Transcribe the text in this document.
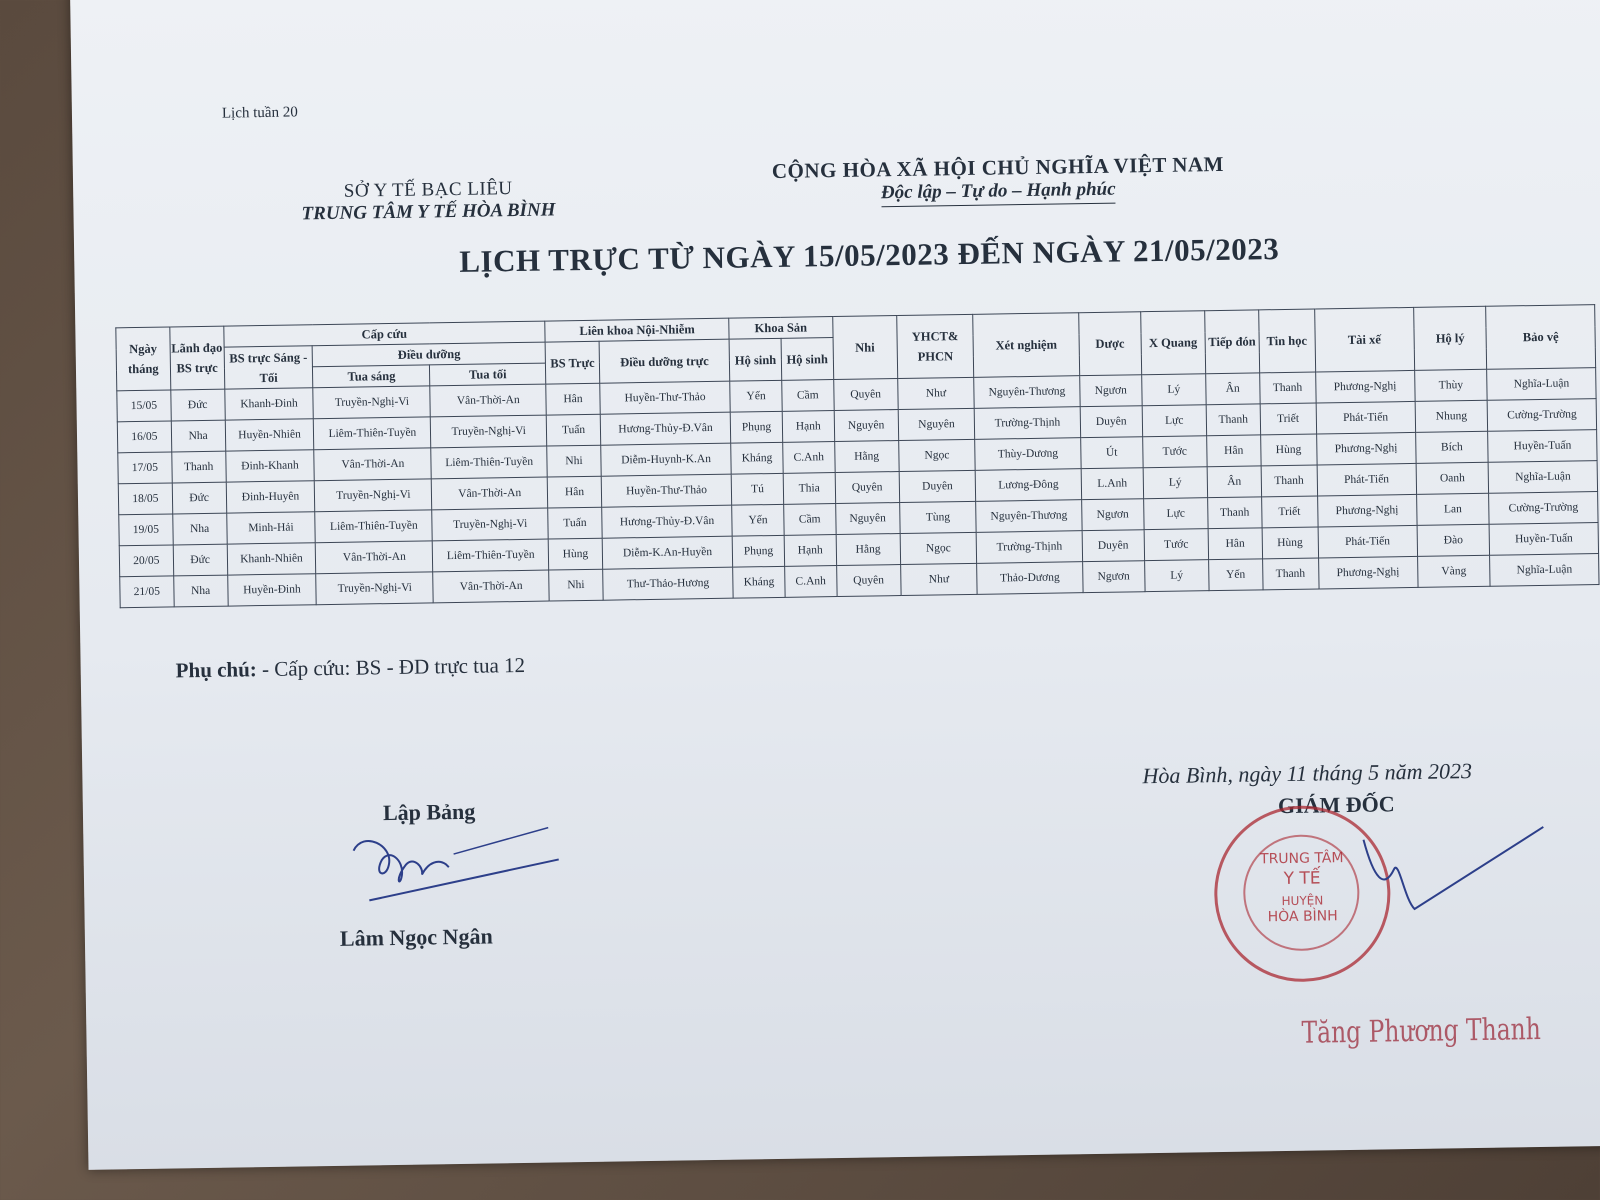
Lịch tuần 20
SỞ Y TẾ BẠC LIÊU
TRUNG TÂM Y TẾ HÒA BÌNH
CỘNG HÒA XÃ HỘI CHỦ NGHĨA VIỆT NAM
Độc lập – Tự do – Hạnh phúc
LỊCH TRỰC TỪ NGÀY 15/05/2023 ĐẾN NGÀY 21/05/2023
Ngày tháng	Lãnh đạo BS trực	Cấp cứu			Liên khoa Nội-Nhiễm		Khoa Sản		Nhi	YHCT& PHCN	Xét nghiệm	Dược	X Quang	Tiếp đón	Tin học	Tài xế	Hộ lý	Bảo vệ
		BS trực Sáng - Tối	Điều dưỡng		BS Trực	Điều dưỡng trực	Hộ sinh	Hộ sinh										
			Tua sáng	Tua tối														
15/05	Đức	Khanh-Đinh	Truyền-Nghị-Vi	Vân-Thời-An	Hân	Huyền-Thư-Thảo	Yến	Cầm	Quyên	Như	Nguyên-Thương	Ngươn	Lý	Ân	Thanh	Phương-Nghị	Thùy	Nghĩa-Luận
16/05	Nha	Huyền-Nhiên	Liêm-Thiên-Tuyền	Truyền-Nghị-Vi	Tuấn	Hương-Thủy-Đ.Vân	Phụng	Hạnh	Nguyên	Nguyên	Trường-Thịnh	Duyên	Lực	Thanh	Triết	Phát-Tiến	Nhung	Cường-Trường
17/05	Thanh	Đinh-Khanh	Vân-Thời-An	Liêm-Thiên-Tuyền	Nhi	Diễm-Huynh-K.An	Kháng	C.Anh	Hằng	Ngọc	Thùy-Dương	Út	Tước	Hân	Hùng	Phương-Nghị	Bích	Huyền-Tuấn
18/05	Đức	Đinh-Huyên	Truyền-Nghị-Vi	Vân-Thời-An	Hân	Huyền-Thư-Thảo	Tú	Thia	Quyên	Duyên	Lương-Đông	L.Anh	Lý	Ân	Thanh	Phát-Tiến	Oanh	Nghĩa-Luận
19/05	Nha	Minh-Hải	Liêm-Thiên-Tuyền	Truyền-Nghị-Vi	Tuấn	Hương-Thủy-Đ.Vân	Yến	Cầm	Nguyên	Tùng	Nguyên-Thương	Ngươn	Lực	Thanh	Triết	Phương-Nghị	Lan	Cường-Trường
20/05	Đức	Khanh-Nhiên	Vân-Thời-An	Liêm-Thiên-Tuyền	Hùng	Diễm-K.An-Huyền	Phụng	Hạnh	Hằng	Ngọc	Trường-Thịnh	Duyên	Tước	Hân	Hùng	Phát-Tiến	Đào	Huyền-Tuấn
21/05	Nha	Huyền-Đinh	Truyền-Nghị-Vi	Vân-Thời-An	Nhi	Thư-Thảo-Hương	Kháng	C.Anh	Quyên	Như	Thảo-Dương	Ngươn	Lý	Yến	Thanh	Phương-Nghị	Vàng	Nghĩa-Luận
Phụ chú: - Cấp cứu: BS - ĐD trực tua 12
Lập Bảng
Lâm Ngọc Ngân
Hòa Bình, ngày 11 tháng 5 năm 2023
GIÁM ĐỐC
TRUNG TÂM
Y TẾ
HUYỆN
HÒA BÌNH
Tăng Phương Thanh
